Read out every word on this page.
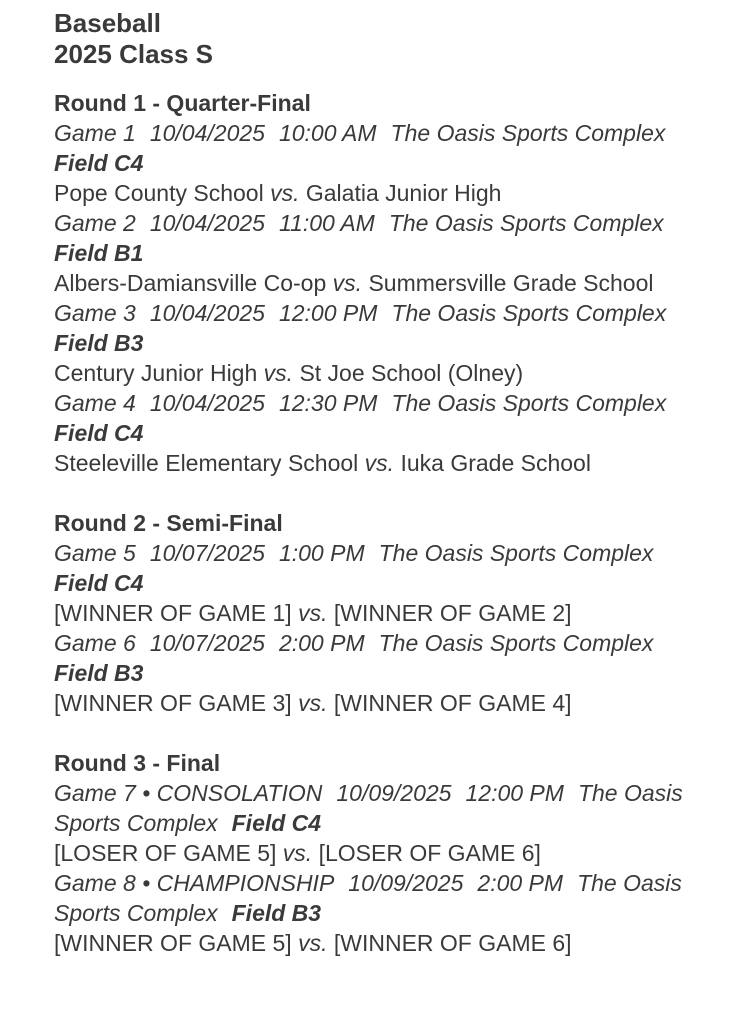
Baseball
2025 Class S

Round 1 - Quarter-Final

Game 1 10/04/2025 10:00 AM The Oasis Sports ComplexField C4

Pope County School vs. Galatia Junior High

Game 2 10/04/2025 11:00 AM The Oasis Sports ComplexField B1

Albers-Damiansville Co-op vs. Summersville Grade School

Game 3 10/04/2025 12:00 PM The Oasis Sports ComplexField B3

Century Junior High vs. St Joe School (Olney)

Game 4 10/04/2025 12:30 PM The Oasis Sports ComplexField C4

Steeleville Elementary School vs. Iuka Grade School

Round 2 - Semi-Final

Game 5 10/07/2025 1:00 PM The Oasis Sports ComplexField C4

[WINNER OF GAME 1] vs. [WINNER OF GAME 2]

Game 6 10/07/2025 2:00 PM The Oasis Sports ComplexField B3

[WINNER OF GAME 3] vs. [WINNER OF GAME 4]

Round 3 - Final

Game 7 • CONSOLATION 10/09/2025 12:00 PM The Oasis Sports Complex Field C4

[LOSER OF GAME 5] vs. [LOSER OF GAME 6]

Game 8 • CHAMPIONSHIP 10/09/2025 2:00 PM The Oasis Sports Complex Field B3

[WINNER OF GAME 5] vs. [WINNER OF GAME 6]
